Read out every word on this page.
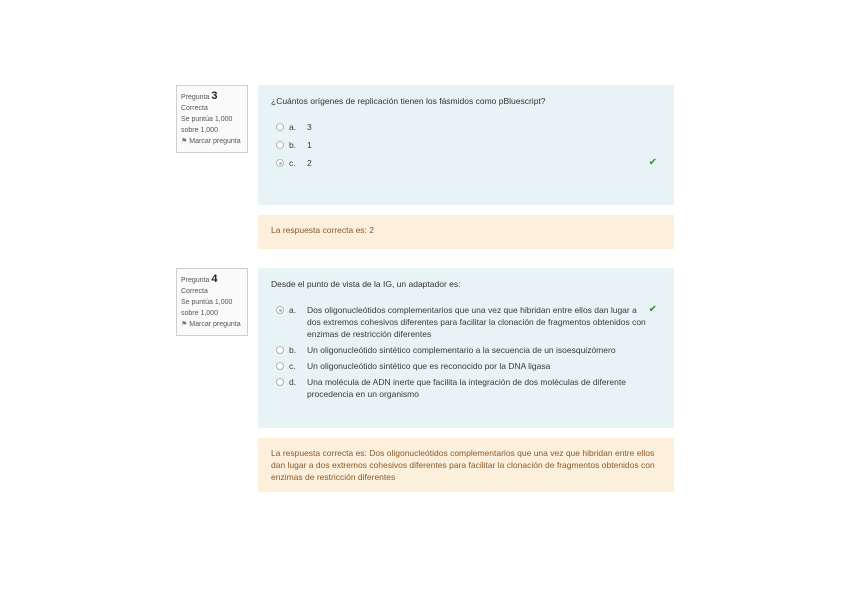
Pregunta 3
Correcta
Se puntúa 1,000 sobre 1,000
⚑ Marcar pregunta
¿Cuántos orígenes de replicación tienen los fásmidos como pBluescript?
a. 3
b. 1
c. 2	✔
La respuesta correcta es: 2
Pregunta 4
Correcta
Se puntúa 1,000 sobre 1,000
⚑ Marcar pregunta
Desde el punto de vista de la IG, un adaptador es:
a. Dos oligonucleótidos complementarios que una vez que hibridan entre ellos dan lugar a dos extremos cohesivos diferentes para facilitar la clonación de fragmentos obtenidos con enzimas de restricción diferentes
✔
b. Un oligonucleótido sintético complementario a la secuencia de un isoesquizómero
c. Un oligonucleótido sintético que es reconocido por la DNA ligasa
d. Una molécula de ADN inerte que facilita la integración de dos moléculas de diferente procedencia en un organismo
La respuesta correcta es: Dos oligonucleótidos complementarios que una vez que hibridan entre ellos dan lugar a dos extremos cohesivos diferentes para facilitar la clonación de fragmentos obtenidos con enzimas de restricción diferentes
